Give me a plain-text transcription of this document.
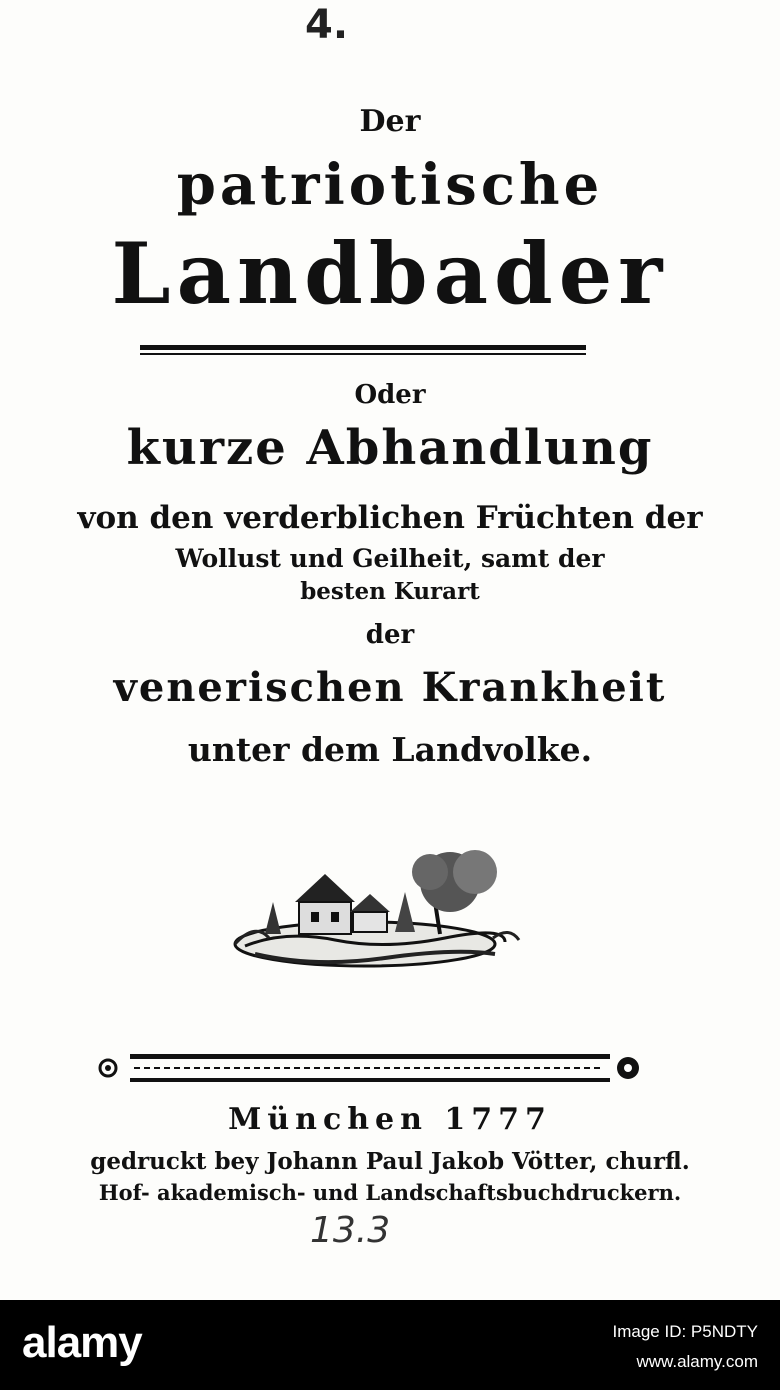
4.
Der
patriotische
Landbader
Oder
kurze Abhandlung
von den verderblichen Früchten der
Wollust und Geilheit, samt der
besten Kurart
der
venerischen Krankheit
unter dem Landvolke.
München 1777
gedruckt bey Johann Paul Jakob Vötter, churfl.
Hof- akademisch- und Landschaftsbuchdruckern.
13.3
alamy	Image ID: P5NDTY
www.alamy.com
